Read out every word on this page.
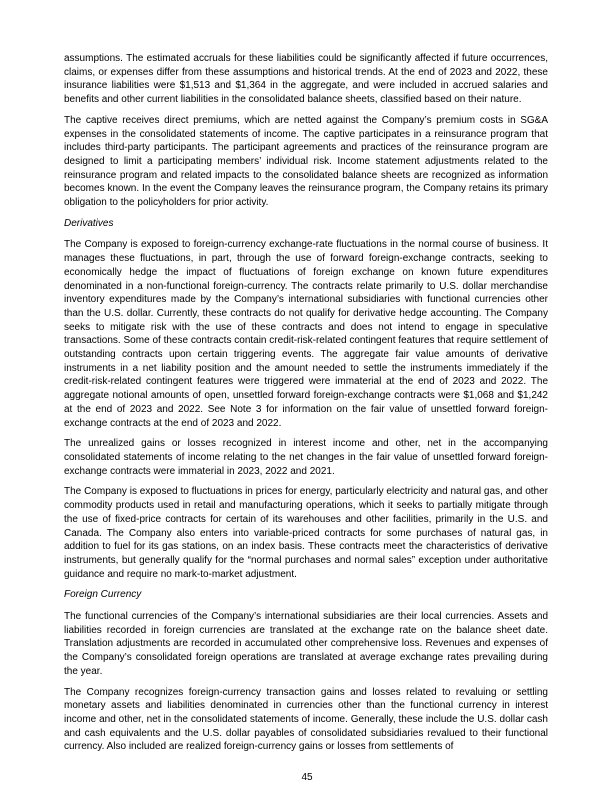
assumptions. The estimated accruals for these liabilities could be significantly affected if future occurrences, claims, or expenses differ from these assumptions and historical trends. At the end of 2023 and 2022, these insurance liabilities were $1,513 and $1,364 in the aggregate, and were included in accrued salaries and benefits and other current liabilities in the consolidated balance sheets, classified based on their nature.

The captive receives direct premiums, which are netted against the Company’s premium costs in SG&A expenses in the consolidated statements of income. The captive participates in a reinsurance program that includes third-party participants. The participant agreements and practices of the reinsurance program are designed to limit a participating members’ individual risk. Income statement adjustments related to the reinsurance program and related impacts to the consolidated balance sheets are recognized as information becomes known. In the event the Company leaves the reinsurance program, the Company retains its primary obligation to the policyholders for prior activity.

Derivatives

The Company is exposed to foreign-currency exchange-rate fluctuations in the normal course of business. It manages these fluctuations, in part, through the use of forward foreign-exchange contracts, seeking to economically hedge the impact of fluctuations of foreign exchange on known future expenditures denominated in a non-functional foreign-currency. The contracts relate primarily to U.S. dollar merchandise inventory expenditures made by the Company’s international subsidiaries with functional currencies other than the U.S. dollar. Currently, these contracts do not qualify for derivative hedge accounting. The Company seeks to mitigate risk with the use of these contracts and does not intend to engage in speculative transactions. Some of these contracts contain credit-risk-related contingent features that require settlement of outstanding contracts upon certain triggering events. The aggregate fair value amounts of derivative instruments in a net liability position and the amount needed to settle the instruments immediately if the credit-risk-related contingent features were triggered were immaterial at the end of 2023 and 2022. The aggregate notional amounts of open, unsettled forward foreign-exchange contracts were $1,068 and $1,242 at the end of 2023 and 2022. See Note 3 for information on the fair value of unsettled forward foreign-exchange contracts at the end of 2023 and 2022.

The unrealized gains or losses recognized in interest income and other, net in the accompanying consolidated statements of income relating to the net changes in the fair value of unsettled forward foreign-exchange contracts were immaterial in 2023, 2022 and 2021.

The Company is exposed to fluctuations in prices for energy, particularly electricity and natural gas, and other commodity products used in retail and manufacturing operations, which it seeks to partially mitigate through the use of fixed-price contracts for certain of its warehouses and other facilities, primarily in the U.S. and Canada. The Company also enters into variable-priced contracts for some purchases of natural gas, in addition to fuel for its gas stations, on an index basis. These contracts meet the characteristics of derivative instruments, but generally qualify for the “normal purchases and normal sales” exception under authoritative guidance and require no mark-to-market adjustment.

Foreign Currency

The functional currencies of the Company’s international subsidiaries are their local currencies. Assets and liabilities recorded in foreign currencies are translated at the exchange rate on the balance sheet date. Translation adjustments are recorded in accumulated other comprehensive loss. Revenues and expenses of the Company’s consolidated foreign operations are translated at average exchange rates prevailing during the year.

The Company recognizes foreign-currency transaction gains and losses related to revaluing or settling monetary assets and liabilities denominated in currencies other than the functional currency in interest income and other, net in the consolidated statements of income. Generally, these include the U.S. dollar cash and cash equivalents and the U.S. dollar payables of consolidated subsidiaries revalued to their functional currency. Also included are realized foreign-currency gains or losses from settlements of

45
